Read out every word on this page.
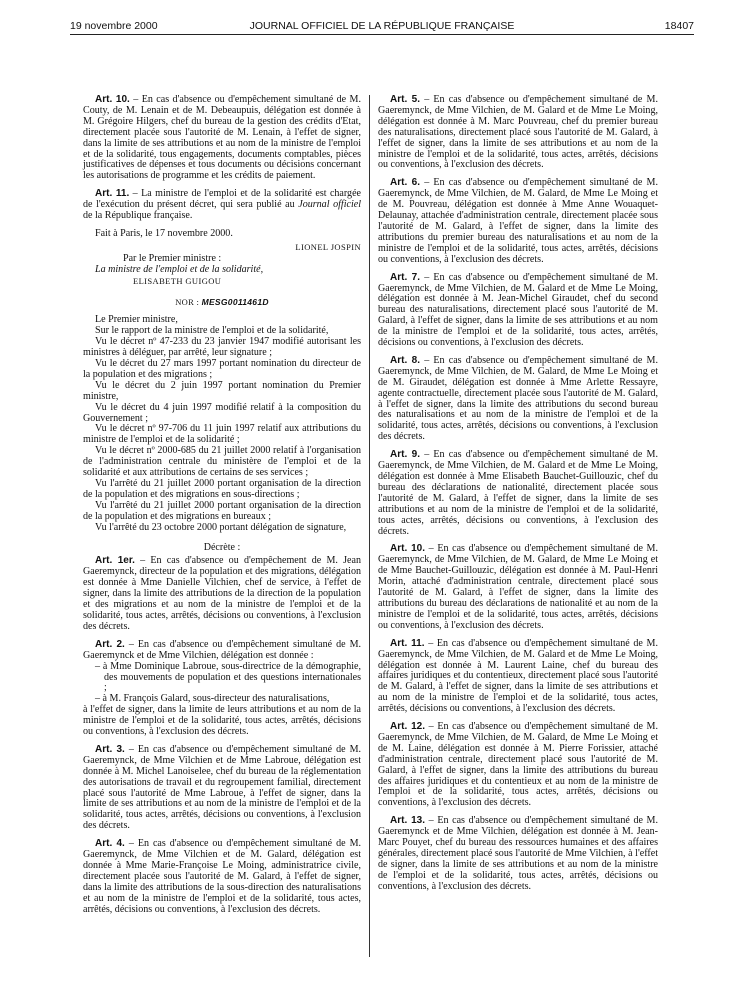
19 novembre 2000	JOURNAL OFFICIEL DE LA RÉPUBLIQUE FRANÇAISE	18407

Art. 10. – En cas d'absence ou d'empêchement simultané de M. Couty, de M. Lenain et de M. Debeaupuis, délégation est donnée à M. Grégoire Hilgers, chef du bureau de la gestion des crédits d'Etat, directement placée sous l'autorité de M. Lenain, à l'effet de signer, dans la limite de ses attributions et au nom de la ministre de l'emploi et de la solidarité, tous engagements, documents comptables, pièces justificatives de dépenses et tous documents ou décisions concernant les autorisations de programme et les crédits de paiement.

Art. 11. – La ministre de l'emploi et de la solidarité est chargée de l'exécution du présent décret, qui sera publié au Journal officiel de la République française.

Fait à Paris, le 17 novembre 2000.

LIONEL JOSPIN

Par le Premier ministre :

La ministre de l'emploi et de la solidarité,

ELISABETH GUIGOU

NOR : MESG0011461D

Le Premier ministre,

Sur le rapport de la ministre de l'emploi et de la solidarité,

Vu le décret nº 47-233 du 23 janvier 1947 modifié autorisant les ministres à déléguer, par arrêté, leur signature ;

Vu le décret du 27 mars 1997 portant nomination du directeur de la population et des migrations ;

Vu le décret du 2 juin 1997 portant nomination du Premier ministre,

Vu le décret du 4 juin 1997 modifié relatif à la composition du Gouvernement ;

Vu le décret nº 97-706 du 11 juin 1997 relatif aux attributions du ministre de l'emploi et de la solidarité ;

Vu le décret nº 2000-685 du 21 juillet 2000 relatif à l'organisation de l'administration centrale du ministère de l'emploi et de la solidarité et aux attributions de certains de ses services ;

Vu l'arrêté du 21 juillet 2000 portant organisation de la direction de la population et des migrations en sous-directions ;

Vu l'arrêté du 21 juillet 2000 portant organisation de la direction de la population et des migrations en bureaux ;

Vu l'arrêté du 23 octobre 2000 portant délégation de signature,

Décrète :

Art. 1er. – En cas d'absence ou d'empêchement de M. Jean Gaeremynck, directeur de la population et des migrations, délégation est donnée à Mme Danielle Vilchien, chef de service, à l'effet de signer, dans la limite des attributions de la direction de la population et des migrations et au nom de la ministre de l'emploi et de la solidarité, tous actes, arrêtés, décisions ou conventions, à l'exclusion des décrets.

Art. 2. – En cas d'absence ou d'empêchement simultané de M. Gaeremynck et de Mme Vilchien, délégation est donnée :

– à Mme Dominique Labroue, sous-directrice de la démographie, des mouvements de population et des questions internationales ;

– à M. François Galard, sous-directeur des naturalisations,

à l'effet de signer, dans la limite de leurs attributions et au nom de la ministre de l'emploi et de la solidarité, tous actes, arrêtés, décisions ou conventions, à l'exclusion des décrets.

Art. 3. – En cas d'absence ou d'empêchement simultané de M. Gaeremynck, de Mme Vilchien et de Mme Labroue, délégation est donnée à M. Michel Lanoiselee, chef du bureau de la réglementation des autorisations de travail et du regroupement familial, directement placé sous l'autorité de Mme Labroue, à l'effet de signer, dans la limite de ses attributions et au nom de la ministre de l'emploi et de la solidarité, tous actes, arrêtés, décisions ou conventions, à l'exclusion des décrets.

Art. 4. – En cas d'absence ou d'empêchement simultané de M. Gaeremynck, de Mme Vilchien et de M. Galard, délégation est donnée à Mme Marie-Françoise Le Moing, administratrice civile, directement placée sous l'autorité de M. Galard, à l'effet de signer, dans la limite des attributions de la sous-direction des naturalisations et au nom de la ministre de l'emploi et de la solidarité, tous actes, arrêtés, décisions ou conventions, à l'exclusion des décrets.

Art. 5. – En cas d'absence ou d'empêchement simultané de M. Gaeremynck, de Mme Vilchien, de M. Galard et de Mme Le Moing, délégation est donnée à M. Marc Pouvreau, chef du premier bureau des naturalisations, directement placé sous l'autorité de M. Galard, à l'effet de signer, dans la limite de ses attributions et au nom de la ministre de l'emploi et de la solidarité, tous actes, arrêtés, décisions ou conventions, à l'exclusion des décrets.

Art. 6. – En cas d'absence ou d'empêchement simultané de M. Gaeremynck, de Mme Vilchien, de M. Galard, de Mme Le Moing et de M. Pouvreau, délégation est donnée à Mme Anne Wouaquet-Delaunay, attachée d'administration centrale, directement placée sous l'autorité de M. Galard, à l'effet de signer, dans la limite des attributions du premier bureau des naturalisations et au nom de la ministre de l'emploi et de la solidarité, tous actes, arrêtés, décisions ou conventions, à l'exclusion des décrets.

Art. 7. – En cas d'absence ou d'empêchement simultané de M. Gaeremynck, de Mme Vilchien, de M. Galard et de Mme Le Moing, délégation est donnée à M. Jean-Michel Giraudet, chef du second bureau des naturalisations, directement placé sous l'autorité de M. Galard, à l'effet de signer, dans la limite de ses attributions et au nom de la ministre de l'emploi et de la solidarité, tous actes, arrêtés, décisions ou conventions, à l'exclusion des décrets.

Art. 8. – En cas d'absence ou d'empêchement simultané de M. Gaeremynck, de Mme Vilchien, de M. Galard, de Mme Le Moing et de M. Giraudet, délégation est donnée à Mme Arlette Ressayre, agente contractuelle, directement placée sous l'autorité de M. Galard, à l'effet de signer, dans la limite des attributions du second bureau des naturalisations et au nom de la ministre de l'emploi et de la solidarité, tous actes, arrêtés, décisions ou conventions, à l'exclusion des décrets.

Art. 9. – En cas d'absence ou d'empêchement simultané de M. Gaeremynck, de Mme Vilchien, de M. Galard et de Mme Le Moing, délégation est donnée à Mme Elisabeth Bauchet-Guillouzic, chef du bureau des déclarations de nationalité, directement placée sous l'autorité de M. Galard, à l'effet de signer, dans la limite de ses attributions et au nom de la ministre de l'emploi et de la solidarité, tous actes, arrêtés, décisions ou conventions, à l'exclusion des décrets.

Art. 10. – En cas d'absence ou d'empêchement simultané de M. Gaeremynck, de Mme Vilchien, de M. Galard, de Mme Le Moing et de Mme Bauchet-Guillouzic, délégation est donnée à M. Paul-Henri Morin, attaché d'administration centrale, directement placé sous l'autorité de M. Galard, à l'effet de signer, dans la limite des attributions du bureau des déclarations de nationalité et au nom de la ministre de l'emploi et de la solidarité, tous actes, arrêtés, décisions ou conventions, à l'exclusion des décrets.

Art. 11. – En cas d'absence ou d'empêchement simultané de M. Gaeremynck, de Mme Vilchien, de M. Galard et de Mme Le Moing, délégation est donnée à M. Laurent Laine, chef du bureau des affaires juridiques et du contentieux, directement placé sous l'autorité de M. Galard, à l'effet de signer, dans la limite de ses attributions et au nom de la ministre de l'emploi et de la solidarité, tous actes, arrêtés, décisions ou conventions, à l'exclusion des décrets.

Art. 12. – En cas d'absence ou d'empêchement simultané de M. Gaeremynck, de Mme Vilchien, de M. Galard, de Mme Le Moing et de M. Laine, délégation est donnée à M. Pierre Forissier, attaché d'administration centrale, directement placé sous l'autorité de M. Galard, à l'effet de signer, dans la limite des attributions du bureau des affaires juridiques et du contentieux et au nom de la ministre de l'emploi et de la solidarité, tous actes, arrêtés, décisions ou conventions, à l'exclusion des décrets.

Art. 13. – En cas d'absence ou d'empêchement simultané de M. Gaeremynck et de Mme Vilchien, délégation est donnée à M. Jean-Marc Pouyet, chef du bureau des ressources humaines et des affaires générales, directement placé sous l'autorité de Mme Vilchien, à l'effet de signer, dans la limite de ses attributions et au nom de la ministre de l'emploi et de la solidarité, tous actes, arrêtés, décisions ou conventions, à l'exclusion des décrets.
